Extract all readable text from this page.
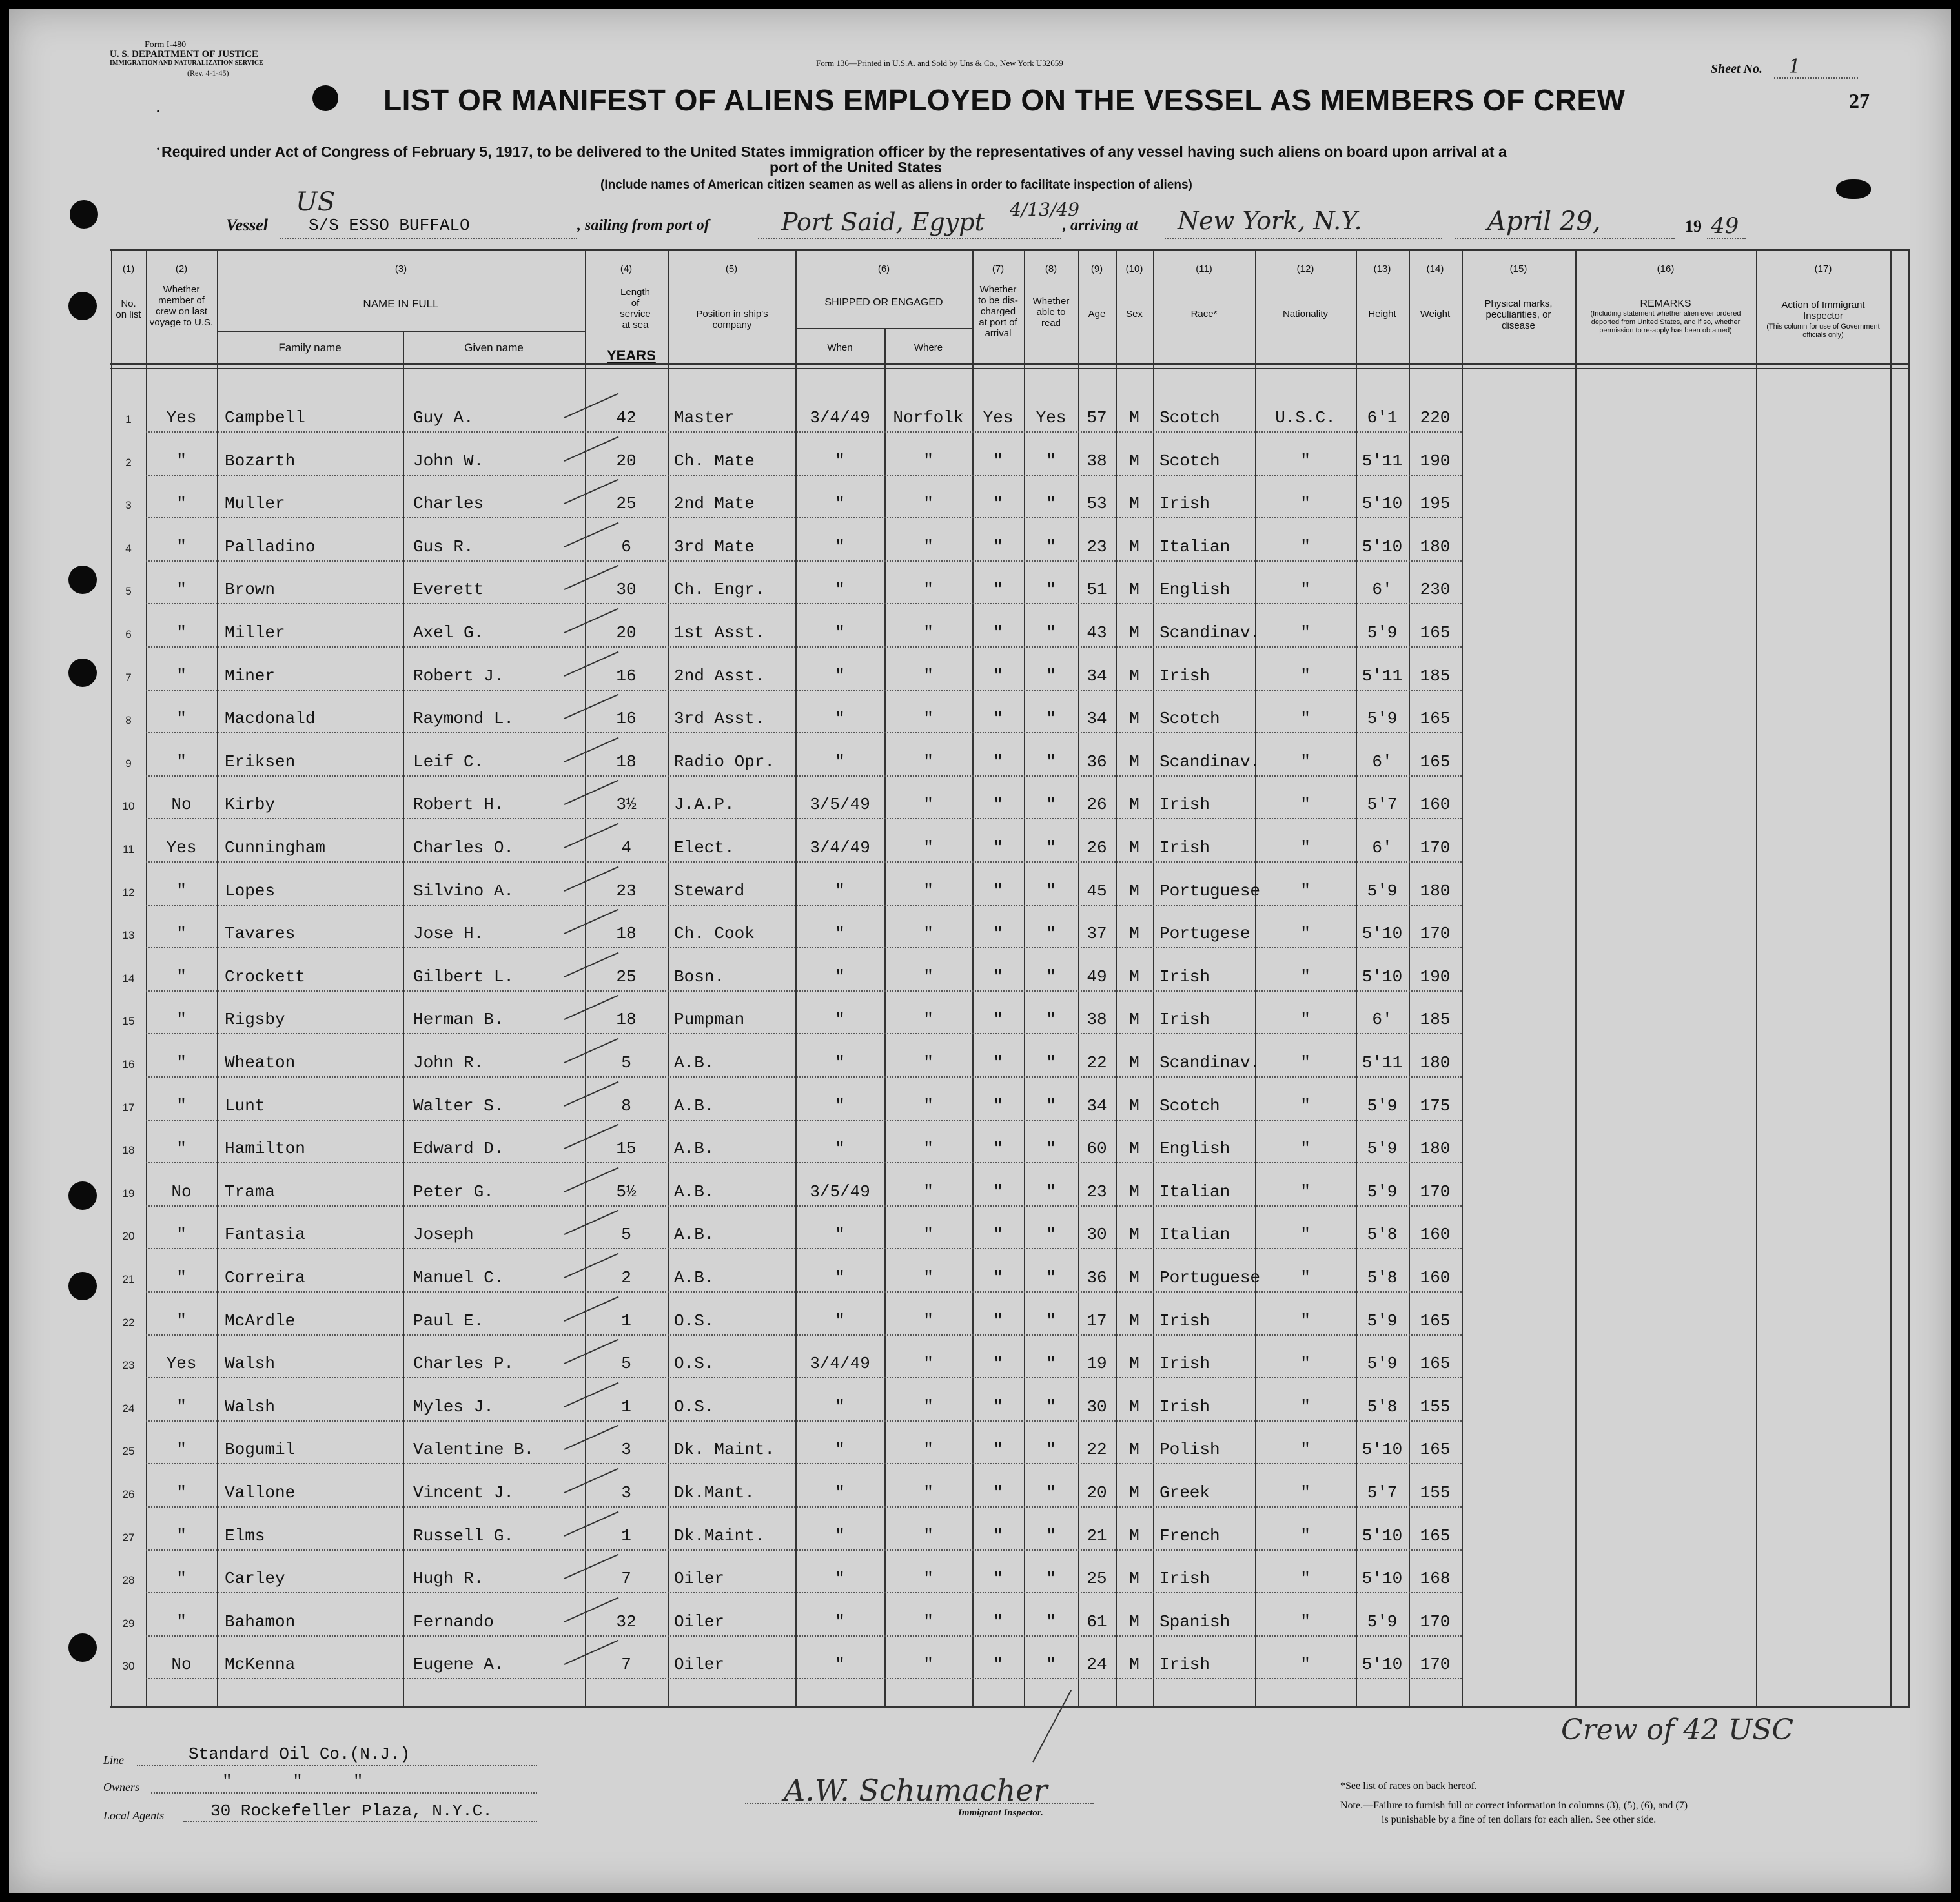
Form I-480
U. S. DEPARTMENT OF JUSTICE
IMMIGRATION AND NATURALIZATION SERVICE
(Rev. 4-1-45)
Form 136—Printed in U.S.A. and Sold by Uns & Co., New York U32659	Sheet No. 1
27
LIST OR MANIFEST OF ALIENS EMPLOYED ON THE VESSEL AS MEMBERS OF CREW
·
· Required under Act of Congress of February 5, 1917, to be delivered to the United States immigration officer by the representatives of any vessel having such aliens on board upon arrival at a
port of the United States
(Include names of American citizen seamen as well as aliens in order to facilitate inspection of aliens)
Vessel
US
S/S ESSO BUFFALO	, sailing from port of	Port Said, Egypt 4/13/49
, arriving at New York, N.Y.	April 29,	19 49
(1)
No. on list
(2)
Whether member of crew on last voyage to U.S.
(3)
NAME IN FULL
Family name	Given name
(4)
Length of service at sea
YEARS
(5)
Position in ship's company
(6)
SHIPPED OR ENGAGED
When	Where
(7)
Whether to be dis-charged at port of arrival
(8)
Whether able to read
(9)
Age
(10)
Sex
(11)
Race*
(12)
Nationality
(13)
Height
(14)
Weight
(15)
Physical marks, peculiarities, or disease
(16)
REMARKS
(Including statement whether alien ever ordered deported from United States, and if so, whether permission to re-apply has been obtained)
(17)
Action of Immigrant Inspector
(This column for use of Government officials only)
1	Yes	Campbell	Guy A.	42	Master	3/4/49	Norfolk	Yes	Yes	57	M	Scotch	U.S.C.	6'1	220
2	"	Bozarth	John W.	20	Ch. Mate	"	"	"	"	38	M	Scotch	"	5'11	190
3	"	Muller	Charles	25	2nd Mate	"	"	"	"	53	M	Irish	"	5'10	195
4	"	Palladino	Gus R.	6	3rd Mate	"	"	"	"	23	M	Italian	"	5'10	180
5	"	Brown	Everett	30	Ch. Engr.	"	"	"	"	51	M	English	"	6'	230
6	"	Miller	Axel G.	20	1st Asst.	"	"	"	"	43	M	Scandinav.	"	5'9	165
7	"	Miner	Robert J.	16	2nd Asst.	"	"	"	"	34	M	Irish	"	5'11	185
8	"	Macdonald	Raymond L.	16	3rd Asst.	"	"	"	"	34	M	Scotch	"	5'9	165
9	"	Eriksen	Leif C.	18	Radio Opr.	"	"	"	"	36	M	Scandinav.	"	6'	165
10	No	Kirby	Robert H.	3½	J.A.P.	3/5/49	"	"	"	26	M	Irish	"	5'7	160
11	Yes	Cunningham	Charles O.	4	Elect.	3/4/49	"	"	"	26	M	Irish	"	6'	170
12	"	Lopes	Silvino A.	23	Steward	"	"	"	"	45	M	Portuguese	"	5'9	180
13	"	Tavares	Jose H.	18	Ch. Cook	"	"	"	"	37	M	Portugese	"	5'10	170
14	"	Crockett	Gilbert L.	25	Bosn.	"	"	"	"	49	M	Irish	"	5'10	190
15	"	Rigsby	Herman B.	18	Pumpman	"	"	"	"	38	M	Irish	"	6'	185
16	"	Wheaton	John R.	5	A.B.	"	"	"	"	22	M	Scandinav.	"	5'11	180
17	"	Lunt	Walter S.	8	A.B.	"	"	"	"	34	M	Scotch	"	5'9	175
18	"	Hamilton	Edward D.	15	A.B.	"	"	"	"	60	M	English	"	5'9	180
19	No	Trama	Peter G.	5½	A.B.	3/5/49	"	"	"	23	M	Italian	"	5'9	170
20	"	Fantasia	Joseph	5	A.B.	"	"	"	"	30	M	Italian	"	5'8	160
21	"	Correira	Manuel C.	2	A.B.	"	"	"	"	36	M	Portuguese	"	5'8	160
22	"	McArdle	Paul E.	1	O.S.	"	"	"	"	17	M	Irish	"	5'9	165
23	Yes	Walsh	Charles P.	5	O.S.	3/4/49	"	"	"	19	M	Irish	"	5'9	165
24	"	Walsh	Myles J.	1	O.S.	"	"	"	"	30	M	Irish	"	5'8	155
25	"	Bogumil	Valentine B.	3	Dk. Maint.	"	"	"	"	22	M	Polish	"	5'10	165
26	"	Vallone	Vincent J.	3	Dk.Mant.	"	"	"	"	20	M	Greek	"	5'7	155
27	"	Elms	Russell G.	1	Dk.Maint.	"	"	"	"	21	M	French	"	5'10	165
28	"	Carley	Hugh R.	7	Oiler	"	"	"	"	25	M	Irish	"	5'10	168
29	"	Bahamon	Fernando	32	Oiler	"	"	"	"	61	M	Spanish	"	5'9	170
30	No	McKenna	Eugene A.	7	Oiler	"	"	"	"	24	M	Irish	"	5'10	170
Line	Standard Oil Co.(N.J.)
Owners	"      "     "
Local Agents	30 Rockefeller Plaza, N.Y.C.
A.W. Schumacher
Immigrant Inspector.
Crew of 42 USC
*See list of races on back hereof.
Note.—Failure to furnish full or correct information in columns (3), (5), (6), and (7)
is punishable by a fine of ten dollars for each alien. See other side.
